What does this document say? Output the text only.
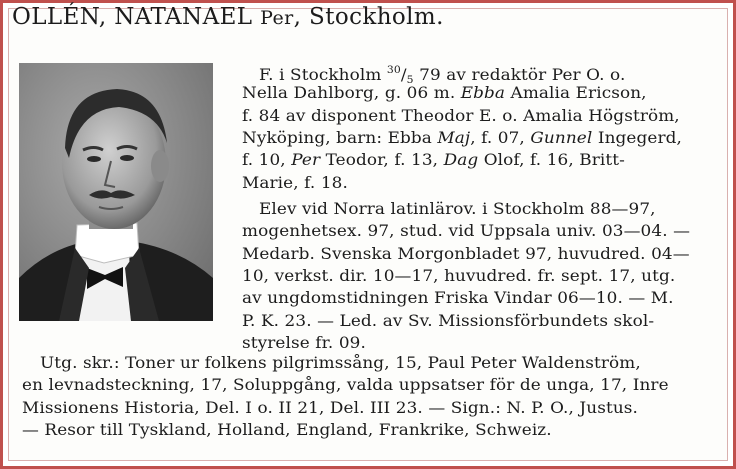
OLLÉN, NATANAEL Per, Stockholm.
F. i Stockholm $^{30}/_5$ 79 av redaktör Per O. o.
Nella Dahlborg, g. 06 m. Ebba Amalia Ericson,
f. 84 av disponent Theodor E. o. Amalia Högström,
Nyköping, barn: Ebba Maj, f. 07, Gunnel Ingegerd,
f. 10, Per Teodor, f. 13, Dag Olof, f. 16, Britt-
Marie, f. 18.
Elev vid Norra latinlärov. i Stockholm 88—97,
mogenhetsex. 97, stud. vid Uppsala univ. 03—04. —
Medarb. Svenska Morgonbladet 97, huvudred. 04—
10, verkst. dir. 10—17, huvudred. fr. sept. 17, utg.
av ungdomstidningen Friska Vindar 06—10. — M.
P. K. 23. — Led. av Sv. Missionsförbundets skol-
styrelse fr. 09.
Utg. skr.: Toner ur folkens pilgrimssång, 15, Paul Peter Waldenström,
en levnadsteckning, 17, Soluppgång, valda uppsatser för de unga, 17, Inre
Missionens Historia, Del. I o. II 21, Del. III 23. — Sign.: N. P. O., Justus.
— Resor till Tyskland, Holland, England, Frankrike, Schweiz.
